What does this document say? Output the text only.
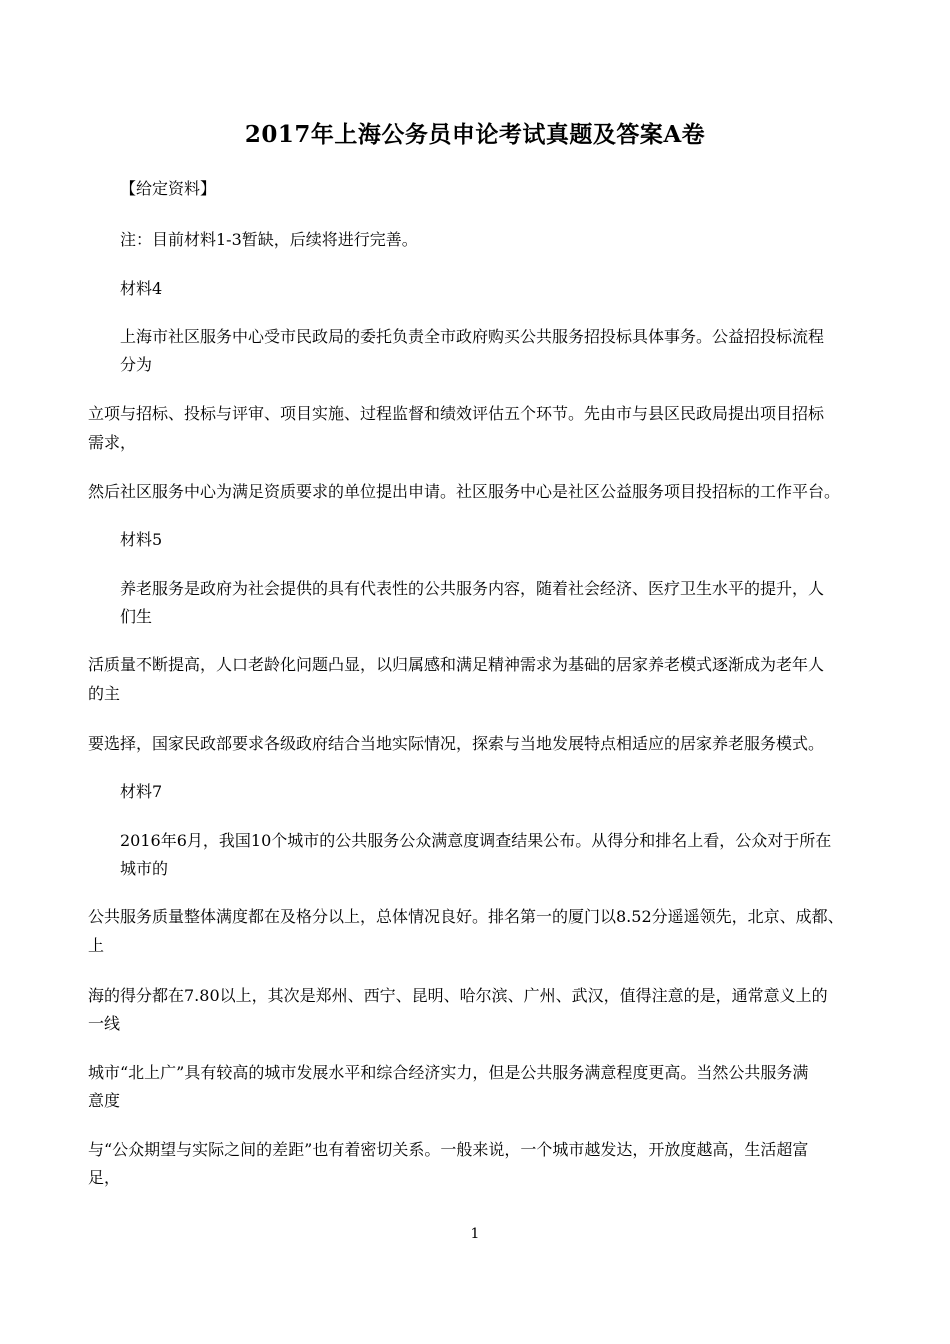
2017年上海公务员申论考试真题及答案A卷
【给定资料】
注：目前材料1-3暂缺，后续将进行完善。
材料4
上海市社区服务中心受市民政局的委托负责全市政府购买公共服务招投标具体事务。公益招投标流程
分为
立项与招标、投标与评审、项目实施、过程监督和绩效评估五个环节。先由市与县区民政局提出项目招标
需求，
然后社区服务中心为满足资质要求的单位提出申请。社区服务中心是社区公益服务项目投招标的工作平台。
材料5
养老服务是政府为社会提供的具有代表性的公共服务内容，随着社会经济、医疗卫生水平的提升，人
们生
活质量不断提高，人口老龄化问题凸显，以归属感和满足精神需求为基础的居家养老模式逐渐成为老年人
的主
要选择，国家民政部要求各级政府结合当地实际情况，探索与当地发展特点相适应的居家养老服务模式。
材料7
2016年6月，我国10个城市的公共服务公众满意度调查结果公布。从得分和排名上看，公众对于所在
城市的
公共服务质量整体满度都在及格分以上，总体情况良好。排名第一的厦门以8.52分遥遥领先，北京、成都、
上
海的得分都在7.80以上，其次是郑州、西宁、昆明、哈尔滨、广州、武汉，值得注意的是，通常意义上的
一线
城市“北上广”具有较高的城市发展水平和综合经济实力，但是公共服务满意程度更高。当然公共服务满
意度
与“公众期望与实际之间的差距”也有着密切关系。一般来说，一个城市越发达，开放度越高，生活超富
足，
1
